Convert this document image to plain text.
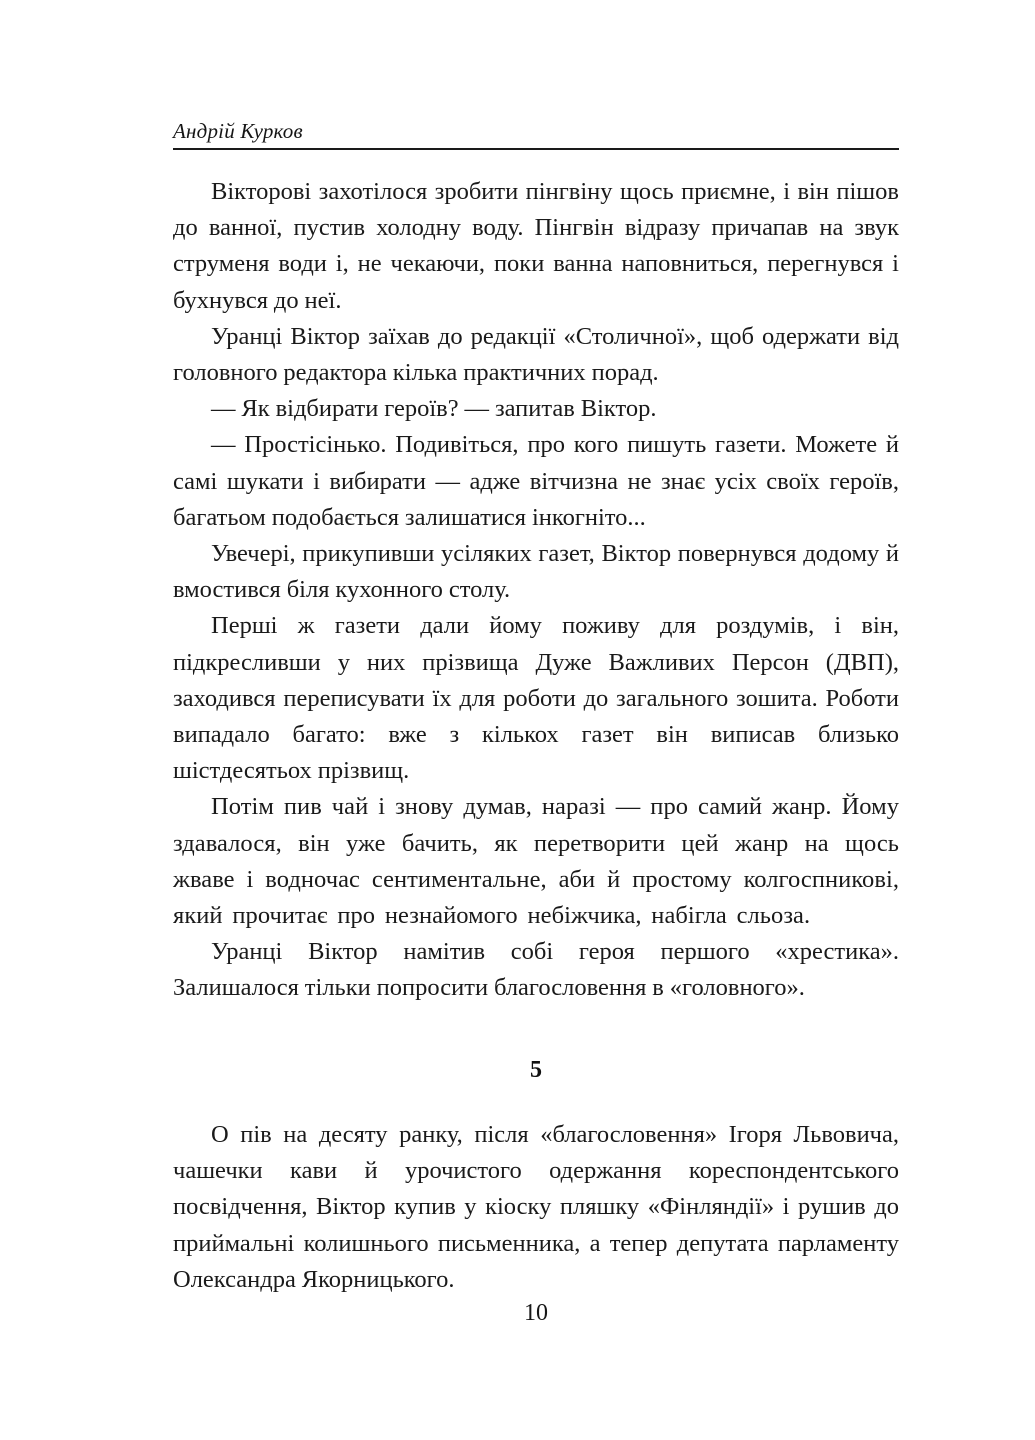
Андрій Курков

Вікторові захотілося зробити пінгвіну щось приємне, і він пішов до ванної, пустив холодну воду. Пінгвін відразу причапав на звук струменя води і, не чекаючи, поки ванна наповниться, перегнувся і бухнувся до неї.

Уранці Віктор заїхав до редакції «Столичної», щоб одержати від головного редактора кілька практичних порад.

— Як відбирати героїв? — запитав Віктор.

— Простісінько. Подивіться, про кого пишуть газети. Можете й самі шукати і вибирати — адже вітчизна не знає усіх своїх героїв, багатьом подобається залишатися інкогніто...

Увечері, прикупивши усіляких газет, Віктор повернувся додому й вмостився біля кухонного столу.

Перші ж газети дали йому поживу для роздумів, і він, підкресливши у них прізвища Дуже Важливих Персон (ДВП), заходився переписувати їх для роботи до загального зошита. Роботи випадало багато: вже з кількох газет він виписав близько шістдесятьох прізвищ.

Потім пив чай і знову думав, наразі — про самий жанр. Йому здавалося, він уже бачить, як перетворити цей жанр на щось жваве і водночас сентиментальне, аби й простому колгоспникові, який прочитає про незнайомого небіжчика, набігла сльоза.

Уранці Віктор намітив собі героя першого «хрестика». Залишалося тільки попросити благословення в «головного».

5

О пів на десяту ранку, після «благословення» Ігоря Львовича, чашечки кави й урочистого одержання кореспондентського посвідчення, Віктор купив у кіоску пляшку «Фінляндії» і рушив до приймальні колишнього письменника, а тепер депутата парламенту Олександра Якорницького.

10
